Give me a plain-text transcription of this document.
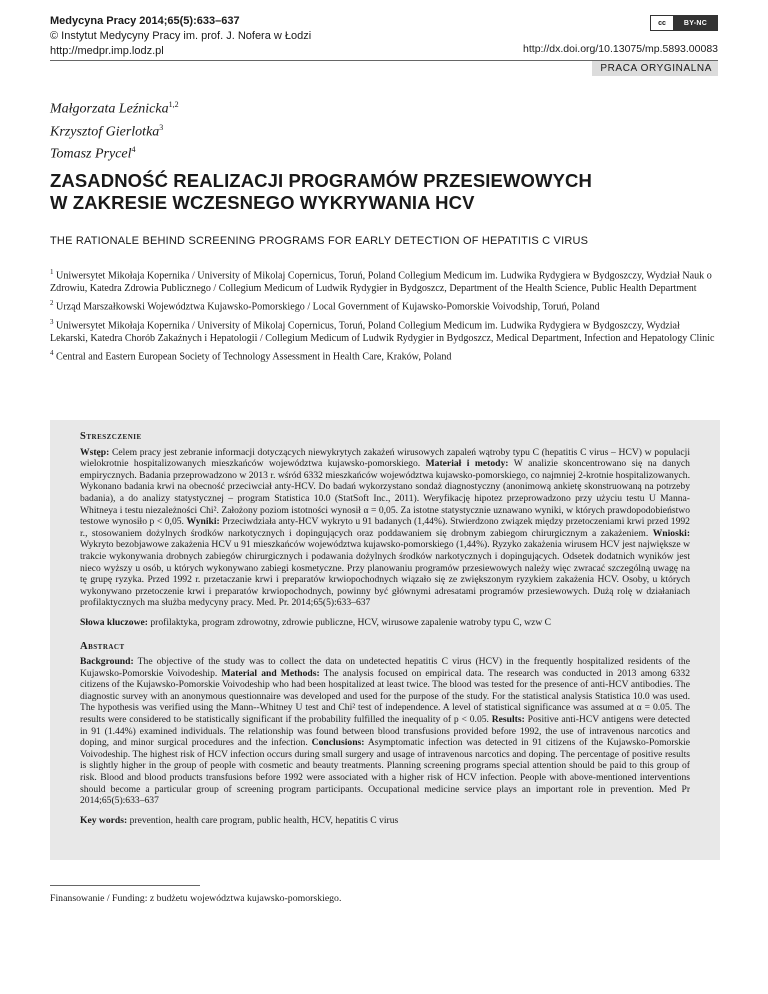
Medycyna Pracy 2014;65(5):633–637
© Instytut Medycyny Pracy im. prof. J. Nofera w Łodzi
http://medpr.imp.lodz.pl
cc	BY-NC
http://dx.doi.org/10.13075/mp.5893.00083
PRACA ORYGINALNA
Małgorzata Leźnicka$^{1,2}$
Krzysztof Gierlotka$^3$
Tomasz Prycel$^4$
ZASADNOŚĆ REALIZACJI PROGRAMÓW PRZESIEWOWYCH
W ZAKRESIE WCZESNEGO WYKRYWANIA HCV
THE RATIONALE BEHIND SCREENING PROGRAMS FOR EARLY DETECTION OF HEPATITIS C VIRUS

$^1$ Uniwersytet Mikołaja Kopernika / University of Mikolaj Copernicus, Toruń, Poland Collegium Medicum im. Ludwika Rydygiera w Bydgoszczy, Wydział Nauk o Zdrowiu, Katedra Zdrowia Publicznego / Collegium Medicum of Ludwik Rydygier in Bydgoszcz, Department of the Health Science, Public Health Department

$^2$ Urząd Marszałkowski Województwa Kujawsko-Pomorskiego / Local Government of Kujawsko-Pomorskie Voivodship, Toruń, Poland

$^3$ Uniwersytet Mikołaja Kopernika / University of Mikolaj Copernicus, Toruń, Poland Collegium Medicum im. Ludwika Rydygiera w Bydgoszczy, Wydział Lekarski, Katedra Chorób Zakaźnych i Hepatologii / Collegium Medicum of Ludwik Rydygier in Bydgoszcz, Medical Department, Infection and Hepatology Clinic

$^4$ Central and Eastern European Society of Technology Assessment in Health Care, Kraków, Poland

Streszczenie

Wstęp: Celem pracy jest zebranie informacji dotyczących niewykrytych zakażeń wirusowych zapaleń wątroby typu C (hepatitis C virus – HCV) w populacji wielokrotnie hospitalizowanych mieszkańców województwa kujawsko-pomorskiego. Materiał i metody: W analizie skoncentrowano się na danych empirycznych. Badania przeprowadzono w 2013 r. wśród 6332 mieszkańców województwa kujawsko-pomorskiego, co najmniej 2-krotnie hospitalizowanych. Wykonano badania krwi na obecność przeciwciał anty-HCV. Do badań wykorzystano sondaż diagnostyczny (anonimową ankietę skonstruowaną na potrzeby badania), a do analizy statystycznej – program Statistica 10.0 (StatSoft Inc., 2011). Weryfikację hipotez przeprowadzono przy użyciu testu U Manna-Whitneya i testu niezależności Chi². Założony poziom istotności wynosił α = 0,05. Za istotne statystycznie uznawano wyniki, w których prawdopodobieństwo testowe wynosiło p < 0,05. Wyniki: Przeciwdziała anty-HCV wykryto u 91 badanych (1,44%). Stwierdzono związek między przetoczeniami krwi przed 1992 r., stosowaniem dożylnych środków narkotycznych i dopingujących oraz poddawaniem się drobnym zabiegom chirurgicznym a zakażeniem. Wnioski: Wykryto bezobjawowe zakażenia HCV u 91 mieszkańców województwa kujawsko-pomorskiego (1,44%). Ryzyko zakażenia wirusem HCV jest największe w trakcie wykonywania drobnych zabiegów chirurgicznych i podawania dożylnych środków narkotycznych i dopingujących. Odsetek dodatnich wyników jest nieco wyższy u osób, u których wykonywano zabiegi kosmetyczne. Przy planowaniu programów przesiewowych należy więc zwracać szczególną uwagę na tę grupę ryzyka. Przed 1992 r. przetaczanie krwi i preparatów krwiopochodnych wiązało się ze zwiększonym ryzykiem zakażenia HCV. Osoby, u których wykonywano przetoczenie krwi i preparatów krwiopochodnych, powinny być głównymi adresatami programów przesiewowych. Dużą rolę w działaniach profilaktycznych ma służba medycyny pracy. Med. Pr. 2014;65(5):633–637

Słowa kluczowe: profilaktyka, program zdrowotny, zdrowie publiczne, HCV, wirusowe zapalenie watroby typu C, wzw C

Abstract

Background: The objective of the study was to collect the data on undetected hepatitis C virus (HCV) in the frequently hospitalized residents of the Kujawsko-Pomorskie Voivodeship. Material and Methods: The analysis focused on empirical data. The research was conducted in 2013 among 6332 citizens of the Kujawsko-Pomorskie Voivodeship who had been hospitalized at least twice. The blood was tested for the presence of anti-HCV antibodies. The diagnostic survey with an anonymous questionnaire was developed and used for the purpose of the study. For the statistical analysis Statistica 10.0 was used. The hypothesis was verified using the Mann--Whitney U test and Chi² test of independence. A level of statistical significance was assumed at α = 0.05. The results were considered to be statistically significant if the probability fulfilled the inequality of p < 0.05. Results: Positive anti-HCV antigens were detected in 91 (1.44%) examined individuals. The relationship was found between blood transfusions provided before 1992, the use of intravenous narcotics and doping, and minor surgical procedures and the infection. Conclusions: Asymptomatic infection was detected in 91 citizens of the Kujawsko-Pomorskie Voivodeship. The highest risk of HCV infection occurs during small surgery and usage of intravenous narcotics and doping. The percentage of positive results is slightly higher in the group of people with cosmetic and beauty treatments. Planning screening programs special attention should be paid to this group of risk. Blood and blood products transfusions before 1992 were associated with a higher risk of HCV infection. People with above-mentioned interventions should become a particular group of screening program participants. Occupational medicine service plays an important role in prevention. Med Pr 2014;65(5):633–637

Key words: prevention, health care program, public health, HCV, hepatitis C virus

Finansowanie / Funding: z budżetu województwa kujawsko-pomorskiego.
